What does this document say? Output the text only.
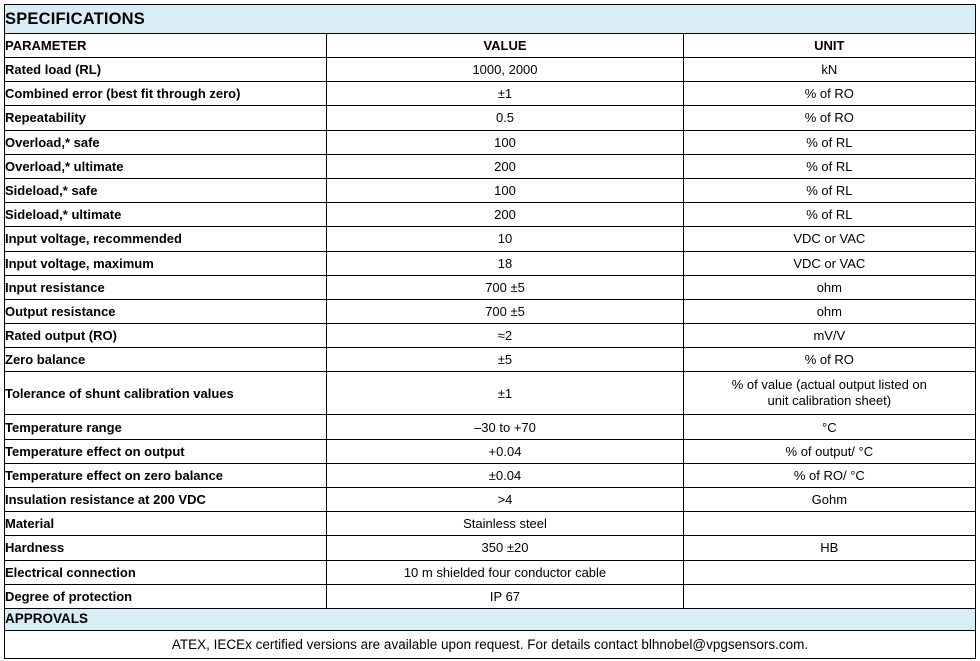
SPECIFICATIONS		
PARAMETER	VALUE	UNIT
Rated load (RL)	1000, 2000	kN
Combined error (best fit through zero)	±1	% of RO
Repeatability	0.5	% of RO
Overload,* safe	100	% of RL
Overload,* ultimate	200	% of RL
Sideload,* safe	100	% of RL
Sideload,* ultimate	200	% of RL
Input voltage, recommended	10	VDC or VAC
Input voltage, maximum	18	VDC or VAC
Input resistance	700 ±5	ohm
Output resistance	700 ±5	ohm
Rated output (RO)	≈2	mV/V
Zero balance	±5	% of RO
Tolerance of shunt calibration values	±1	% of value (actual output listed on
unit calibration sheet)
Temperature range	–30 to +70	°C
Temperature effect on output	+0.04	% of output/ °C
Temperature effect on zero balance	±0.04	% of RO/ °C
Insulation resistance at 200 VDC	>4	Gohm
Material	Stainless steel	
Hardness	350 ±20	HB
Electrical connection	10 m shielded four conductor cable	
Degree of protection	IP 67	
APPROVALS		
ATEX, IECEx certified versions are available upon request. For details contact blhnobel@vpgsensors.com.		
